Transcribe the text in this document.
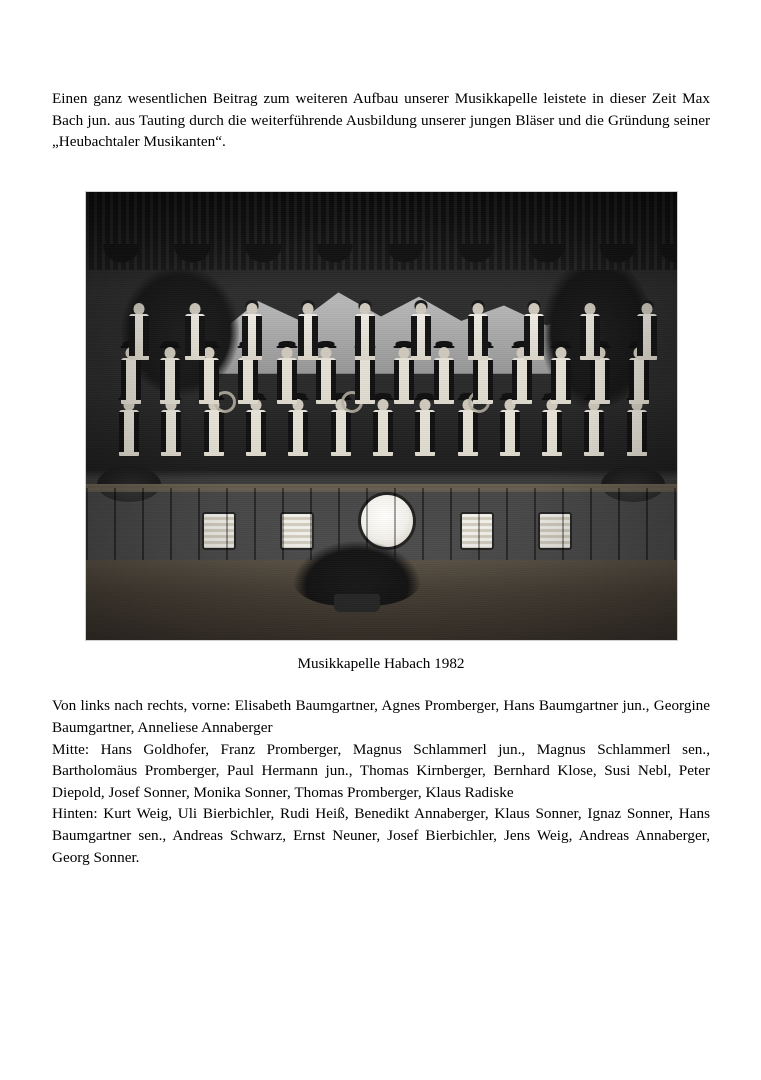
Einen ganz wesentlichen Beitrag zum weiteren Aufbau unserer Musikkapelle leistete in dieser Zeit Max Bach jun. aus Tauting durch die weiterführende Ausbildung unserer jungen Bläser und die Gründung seiner „Heubachtaler Musikanten“.

Musikkapelle Habach 1982

Von links nach rechts, vorne: Elisabeth Baumgartner, Agnes Promberger, Hans Baumgartner jun., Georgine Baumgartner, Anneliese Annaberger

Mitte: Hans Goldhofer, Franz Promberger, Magnus Schlammerl jun., Magnus Schlammerl sen., Bartholomäus Promberger, Paul Hermann jun., Thomas Kirnberger, Bernhard Klose, Susi Nebl, Peter Diepold, Josef Sonner, Monika Sonner, Thomas Promberger, Klaus Radiske

Hinten: Kurt Weig, Uli Bierbichler, Rudi Heiß, Benedikt Annaberger, Klaus Sonner, Ignaz Sonner, Hans Baumgartner sen., Andreas Schwarz, Ernst Neuner, Josef Bierbichler, Jens Weig, Andreas Annaberger, Georg Sonner.
